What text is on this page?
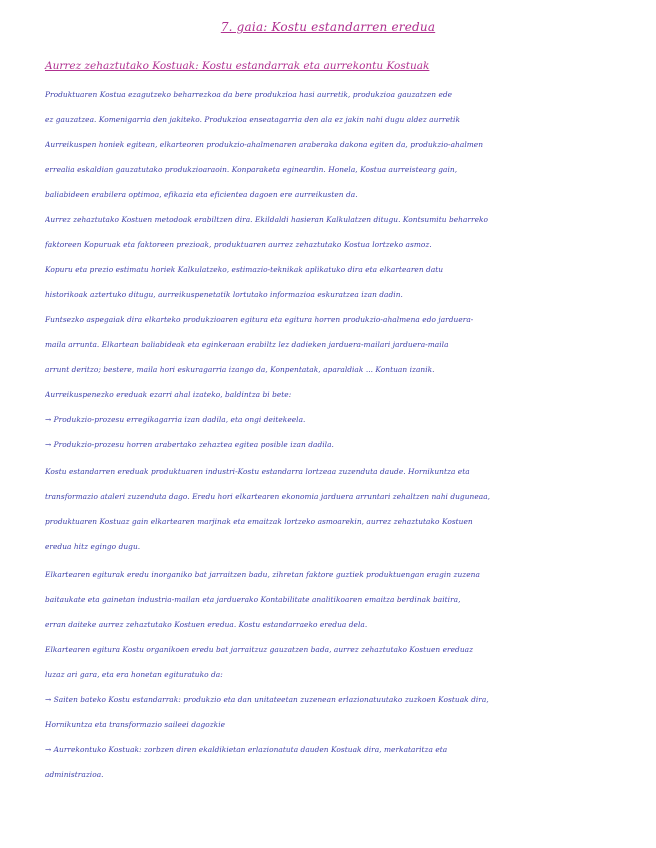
7. gaia: Kostu estandarren eredua
Aurrez zehaztutako Kostuak: Kostu estandarrak eta aurrekontu Kostuak
Produktuaren Kostua ezagutzeko beharrezkoa da bere produkzioa hasi aurretik, produkzioa gauzatzen ede
ez gauzatzea. Komenigarria den jakiteko. Produkzioa enseatagarria den ala ez jakin nahi dugu aldez aurretik
Aurreikuspen honiek egitean, elkarteoren produkzio-ahalmenaren araberaka dakona egiten da, produkzio-ahalmen
errealia eskaldian gauzatutako produkzioaraoin. Konparaketa egineardin. Honela, Kostua aurreistearg gain,
baliabideen erabilera optimoa, efikazia eta eficientea dagoen ere aurreikusten da.
Aurrez zehaztutako Kostuen metodoak erabiltzen dira. Ekildaldi hasieran Kalkulatzen ditugu. Kontsumitu beharreko
faktoreen Kopuruak eta faktoreen prezioak, produktuaren aurrez zehaztutako Kostua lortzeko asmoz.
Kopuru eta prezio estimatu horiek Kalkulatzeko, estimazio-teknikak aplikatuko dira eta elkartearen datu
historikoak aztertuko ditugu, aurreikuspenetatik lortutako informazioa eskuratzea izan dadin.
Funtsezko aspegaiak dira elkarteko produkzioaren egitura eta egitura horren produkzio-ahalmena edo jarduera-
maila arrunta. Elkartean baliabideak eta eginkeraan erabiltz lez dadieken jarduera-mailari jarduera-maila
arrunt deritzo; bestere, maila hori eskuragarria izango da, Konpentatak, aparaldiak ... Kontuan izanik.
Aurreikuspenezko ereduak ezarri ahal izateko, baldintza bi bete:
→ Produkzio-prozesu erregikagarria izan dadila, eta ongi deitekeela.
→ Produkzio-prozesu horren arabertako zehaztea egitea posible izan dadila.
Kostu estandarren ereduak produktuaren industri-Kostu estandarra lortzeaa zuzenduta daude. Hornikuntza eta
transformazio ataleri zuzenduta dago. Eredu hori elkartearen ekonomia jarduera arruntari zehaltzen nahi duguneaa,
produktuaren Kostuaz gain elkartearen marjinak eta emaitzak lortzeko asmoarekin, aurrez zehaztutako Kostuen
eredua hitz egingo dugu.
Elkartearen egiturak eredu inorganiko bat jarraitzen badu, zihretan faktore guztiek produktuengan eragin zuzena
baitaukate eta gainetan industria-mailan eta jarduerako Kontabilitate analitikoaren emaitza berdinak baitira,
erran daiteke aurrez zehaztutako Kostuen eredua. Kostu estandarraeko eredua dela.
Elkartearen egitura Kostu organikoen eredu bat jarraitzuz gauzatzen bada, aurrez zehaztutako Kostuen ereduaz
luzaz ari gara, eta era honetan egituratuko da:
→ Saiten bateko Kostu estandarrak: produkzio eta dan unitateetan zuzenean erlazionatuutako zuzkoen Kostuak dira,
Hornikuntza eta transformazio saileei dagozkie
→ Aurrekontuko Kostuak: zorbzen diren ekaldikietan erlazionatuta dauden Kostuak dira, merkataritza eta
administrazioa.
